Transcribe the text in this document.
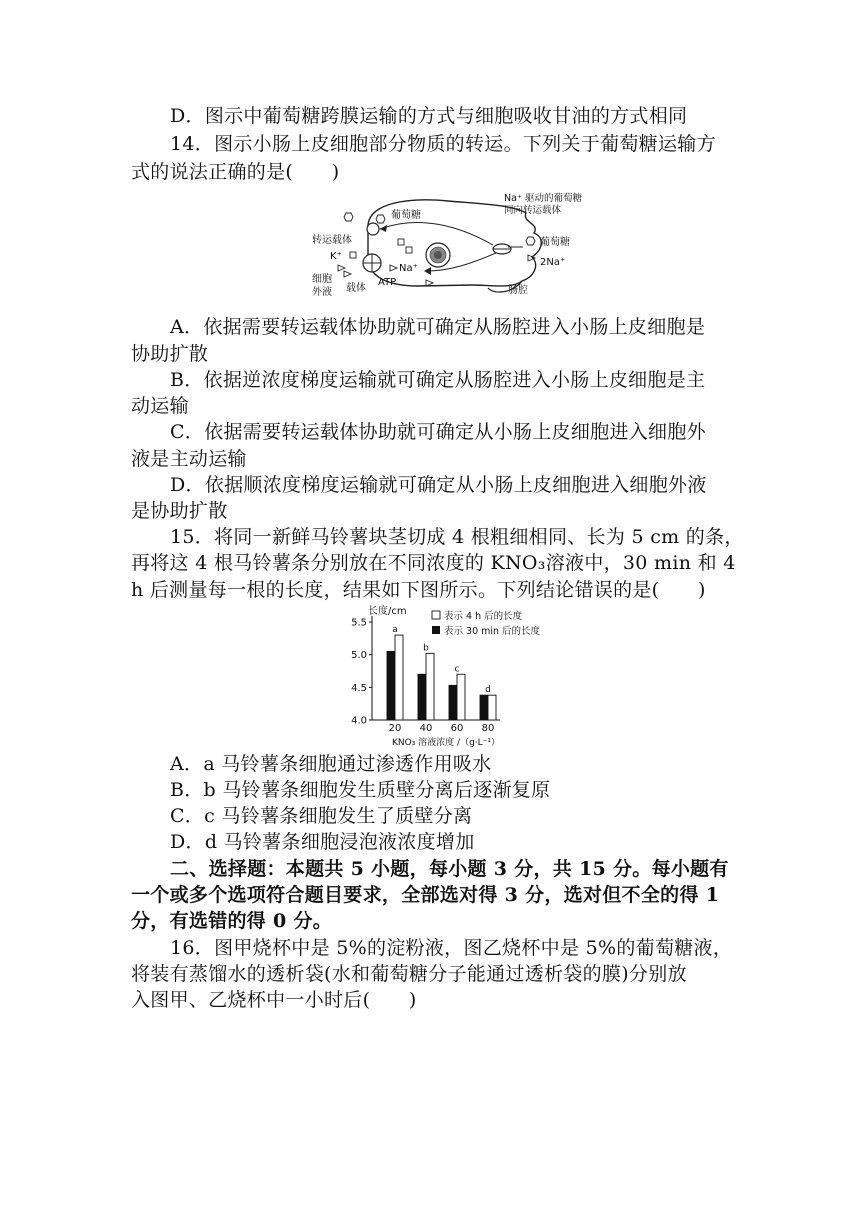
D．图示中葡萄糖跨膜运输的方式与细胞吸收甘油的方式相同
14．图示小肠上皮细胞部分物质的转运。下列关于葡萄糖运输方
式的说法正确的是(　　)
Na⁺ 驱动的葡萄糖
同向转运载体
葡萄糖
转运载体
K⁺
Na⁺
细胞
外液 载体
ATP
葡萄糖
2Na⁺
肠腔
A．依据需要转运载体协助就可确定从肠腔进入小肠上皮细胞是
协助扩散
B．依据逆浓度梯度运输就可确定从肠腔进入小肠上皮细胞是主
动运输
C．依据需要转运载体协助就可确定从小肠上皮细胞进入细胞外
液是主动运输
D．依据顺浓度梯度运输就可确定从小肠上皮细胞进入细胞外液
是协助扩散
15．将同一新鲜马铃薯块茎切成 4 根粗细相同、长为 5 cm 的条，
再将这 4 根马铃薯条分别放在不同浓度的 KNO₃溶液中，30 min 和 4
h 后测量每一根的长度，结果如下图所示。下列结论错误的是(　　)
长度/cm
KNO₃ 溶液浓度 /（g·L⁻¹）
表示 4 h 后的长度
表示 30 min 后的长度
4.0
4.5
5.0
5.5
20
a
40
b
60
c
80
d
A．a 马铃薯条细胞通过渗透作用吸水
B．b 马铃薯条细胞发生质壁分离后逐渐复原
C．c 马铃薯条细胞发生了质壁分离
D．d 马铃薯条细胞浸泡液浓度增加
二、选择题：本题共 5 小题，每小题 3 分，共 15 分。每小题有
一个或多个选项符合题目要求，全部选对得 3 分，选对但不全的得 1
分，有选错的得 0 分。
16．图甲烧杯中是 5%的淀粉液，图乙烧杯中是 5%的葡萄糖液，
将装有蒸馏水的透析袋(水和葡萄糖分子能通过透析袋的膜)分别放
入图甲、乙烧杯中一小时后(　　)
